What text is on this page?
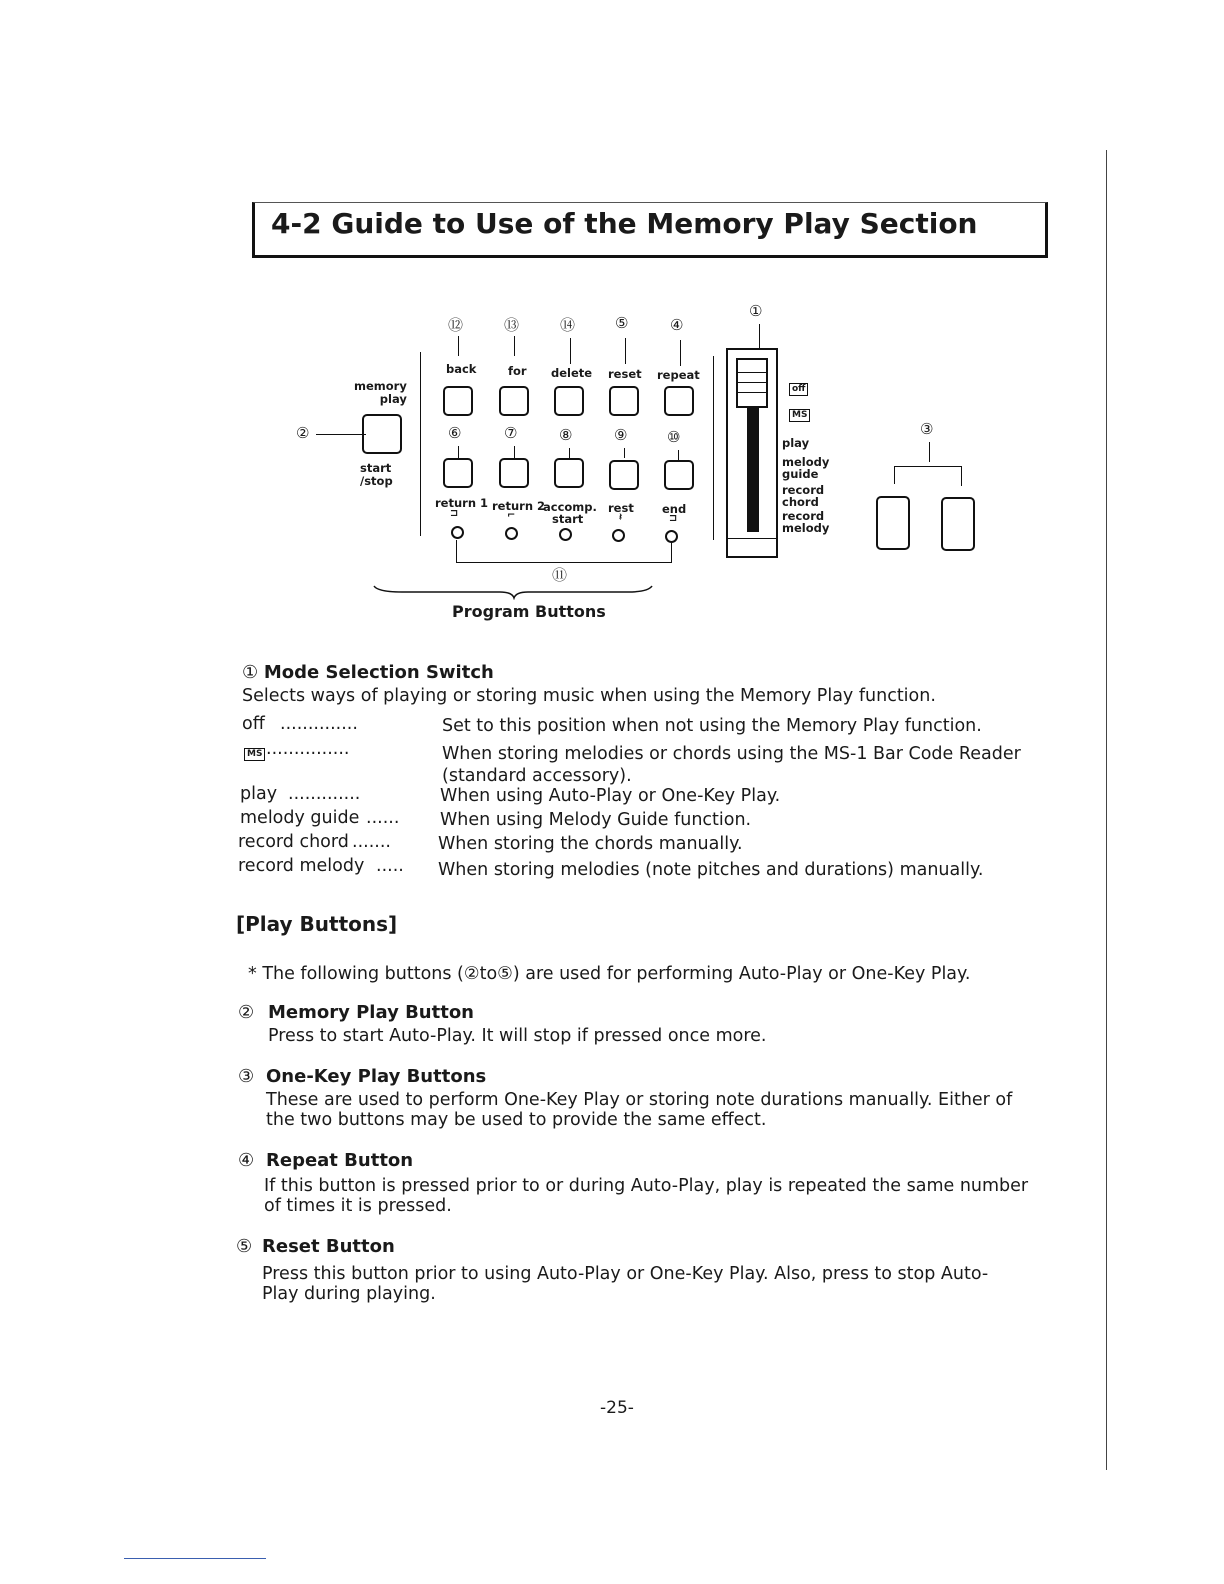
4-2 Guide to Use of the Memory Play Section
⑫	⑬	⑭	⑤	④
①
back	for delete reset repeat
memory
play
②
start
/stop
⑥	⑦	⑧	⑨	⑩
return 1 return 2
accomp.
start
rest end
⊐	⌐	𝄽	⊐
⑪
Program Buttons
off
MS
play
melody guide
record chord
record melody
③
① Mode Selection Switch
Selects ways of playing or storing music when using the Memory Play function.
off ..............	Set to this position when not using the Memory Play function.
MS ···············	When storing melodies or chords using the MS-1 Bar Code Reader
(standard accessory).
play .............	When using Auto-Play or One-Key Play.
melody guide ...... When using Melody Guide function.
record chord .......	When storing the chords manually.
record melody ..... When storing melodies (note pitches and durations) manually.
[Play Buttons]
* The following buttons (②to⑤) are used for performing Auto-Play or One-Key Play.
② Memory Play Button
Press to start Auto-Play. It will stop if pressed once more.
③ One-Key Play Buttons
These are used to perform One-Key Play or storing note durations manually. Either of
the two buttons may be used to provide the same effect.
④ Repeat Button
If this button is pressed prior to or during Auto-Play, play is repeated the same number
of times it is pressed.
⑤ Reset Button
Press this button prior to using Auto-Play or One-Key Play. Also, press to stop Auto-
Play during playing.
-25-
